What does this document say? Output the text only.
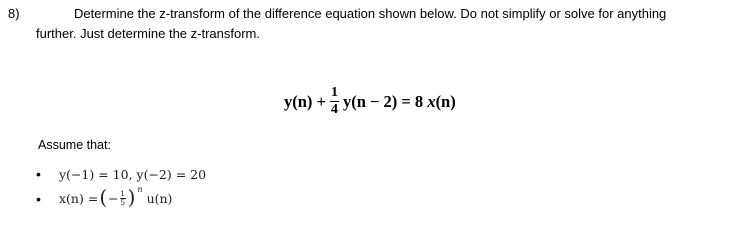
8)	Determine the z-transform of the difference equation shown below. Do not simplify or solve for anything
further. Just determine the z-transform.
$y(n) + \frac{1}{4} y(n - 2) = 8$
x (n)
Assume that:
• y(−1) = 10, y(−2) = 20
• x(n) = ( − 1
5 ) n
u(n)
